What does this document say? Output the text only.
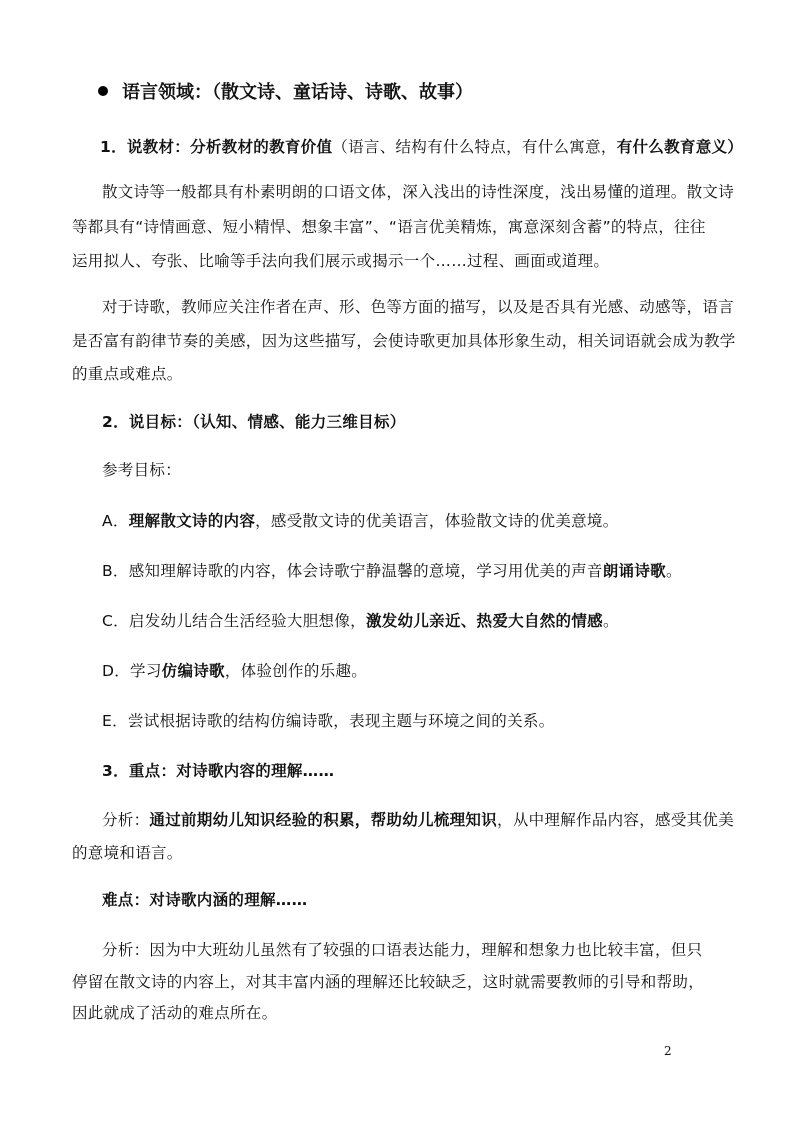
语言领域：（散文诗、童话诗、诗歌、故事）
1．说教材：分析教材的教育价值（语言、结构有什么特点，有什么寓意，有什么教育意义）
散文诗等一般都具有朴素明朗的口语文体，深入浅出的诗性深度，浅出易懂的道理。散文诗
等都具有“诗情画意、短小精悍、想象丰富”、“语言优美精炼，寓意深刻含蓄”的特点，往往
运用拟人、夸张、比喻等手法向我们展示或揭示一个……过程、画面或道理。
对于诗歌，教师应关注作者在声、形、色等方面的描写，以及是否具有光感、动感等，语言
是否富有韵律节奏的美感，因为这些描写，会使诗歌更加具体形象生动，相关词语就会成为教学
的重点或难点。
2．说目标：（认知、情感、能力三维目标）
参考目标：
A．理解散文诗的内容，感受散文诗的优美语言，体验散文诗的优美意境。
B．感知理解诗歌的内容，体会诗歌宁静温馨的意境，学习用优美的声音朗诵诗歌。
C．启发幼儿结合生活经验大胆想像，激发幼儿亲近、热爱大自然的情感。
D．学习仿编诗歌，体验创作的乐趣。
E．尝试根据诗歌的结构仿编诗歌，表现主题与环境之间的关系。
3．重点：对诗歌内容的理解……
分析：通过前期幼儿知识经验的积累，帮助幼儿梳理知识，从中理解作品内容，感受其优美
的意境和语言。
难点：对诗歌内涵的理解……
分析：因为中大班幼儿虽然有了较强的口语表达能力，理解和想象力也比较丰富，但只
停留在散文诗的内容上，对其丰富内涵的理解还比较缺乏，这时就需要教师的引导和帮助，
因此就成了活动的难点所在。
2
